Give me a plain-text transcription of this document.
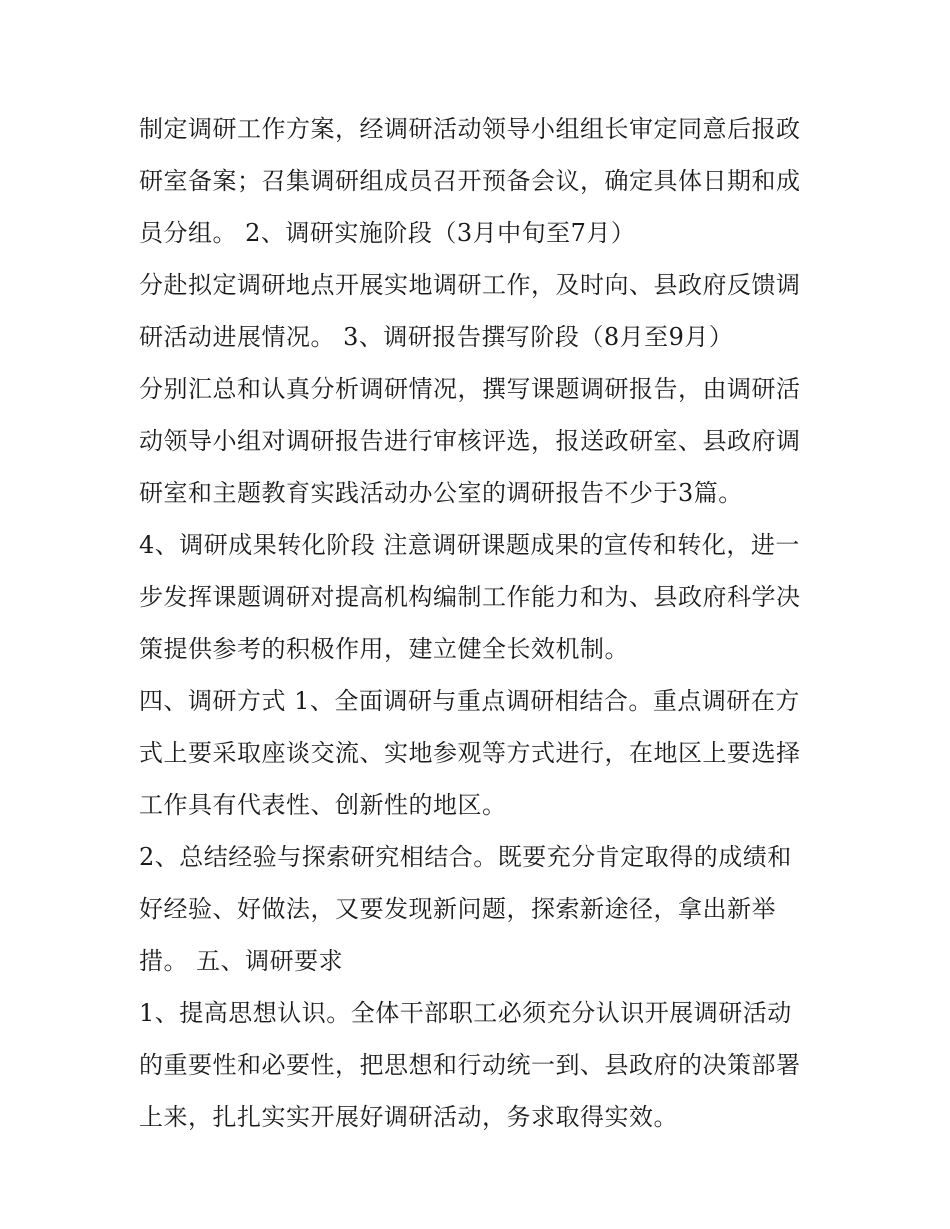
制定调研工作方案，经调研活动领导小组组长审定同意后报政
研室备案；召集调研组成员召开预备会议，确定具体日期和成
员分组。 2、调研实施阶段（3月中旬至7月）
分赴拟定调研地点开展实地调研工作，及时向、县政府反馈调
研活动进展情况。 3、调研报告撰写阶段（8月至9月）
分别汇总和认真分析调研情况，撰写课题调研报告，由调研活
动领导小组对调研报告进行审核评选，报送政研室、县政府调
研室和主题教育实践活动办公室的调研报告不少于3篇。
4、调研成果转化阶段 注意调研课题成果的宣传和转化，进一
步发挥课题调研对提高机构编制工作能力和为、县政府科学决
策提供参考的积极作用，建立健全长效机制。
四、调研方式 1、全面调研与重点调研相结合。重点调研在方
式上要采取座谈交流、实地参观等方式进行，在地区上要选择
工作具有代表性、创新性的地区。
2、总结经验与探索研究相结合。既要充分肯定取得的成绩和
好经验、好做法，又要发现新问题，探索新途径，拿出新举
措。 五、调研要求
1、提高思想认识。全体干部职工必须充分认识开展调研活动
的重要性和必要性，把思想和行动统一到、县政府的决策部署
上来，扎扎实实开展好调研活动，务求取得实效。
